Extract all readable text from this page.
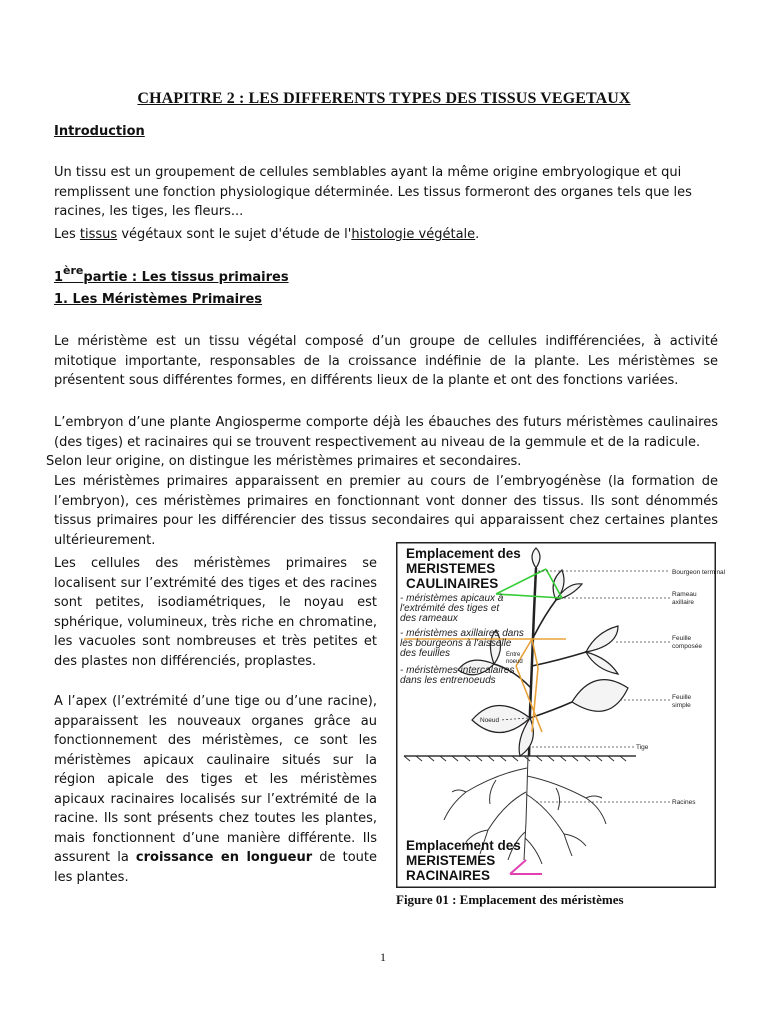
CHAPITRE 2 : LES DIFFERENTS TYPES DES TISSUS VEGETAUX
Introduction

Un tissu est un groupement de cellules semblables ayant la même origine embryologique et qui remplissent une fonction physiologique déterminée. Les tissus formeront des organes tels que les racines, les tiges, les fleurs...

Les tissus végétaux sont le sujet d'étude de l'histologie végétale.

1èrepartie : Les tissus primaires
1. Les Méristèmes Primaires

Le méristème est un tissu végétal composé d’un groupe de cellules indifférenciées, à activité mitotique importante, responsables de la croissance indéfinie de la plante. Les méristèmes se présentent sous différentes formes, en différents lieux de la plante et ont des fonctions variées.

L’embryon d’une plante Angiosperme comporte déjà les ébauches des futurs méristèmes caulinaires (des tiges) et racinaires qui se trouvent respectivement au niveau de la gemmule et de la radicule.

Selon leur origine, on distingue les méristèmes primaires et secondaires.

Les méristèmes primaires apparaissent en premier au cours de l’embryogénèse (la formation de l’embryon), ces méristèmes primaires en fonctionnant vont donner des tissus. Ils sont dénommés tissus primaires pour les différencier des tissus secondaires qui apparaissent chez certaines plantes ultérieurement.

Les cellules des méristèmes primaires se localisent sur l’extrémité des tiges et des racines sont petites, isodiamétriques, le noyau est sphérique, volumineux, très riche en chromatine, les vacuoles sont nombreuses et très petites et des plastes non différenciés, proplastes.

A l’apex (l’extrémité d’une tige ou d’une racine), apparaissent les nouveaux organes grâce au fonctionnement des méristèmes, ce sont les méristèmes apicaux caulinaire situés sur la région apicale des tiges et les méristèmes apicaux racinaires localisés sur l’extrémité de la racine. Ils sont présents chez toutes les plantes, mais fonctionnent d’une manière différente. Ils assurent la croissance en longueur de toute les plantes.

Emplacement des
MERISTEMES
CAULINAIRES
- méristèmes apicaux à
l'extrémité des tiges et
des rameaux
- méristèmes axillaires dans
les bourgeons à l'aisselle
des feuilles
- méristèmes intercalaires
dans les entrenoeuds
Bourgeon terminal
Rameau
axillaire
Feuille
composée
Entre
noeud
Feuille
simple
Noeud
Tige
Racines
Emplacement des
MERISTEMES
RACINAIRES
Figure 01 : Emplacement des méristèmes
1
